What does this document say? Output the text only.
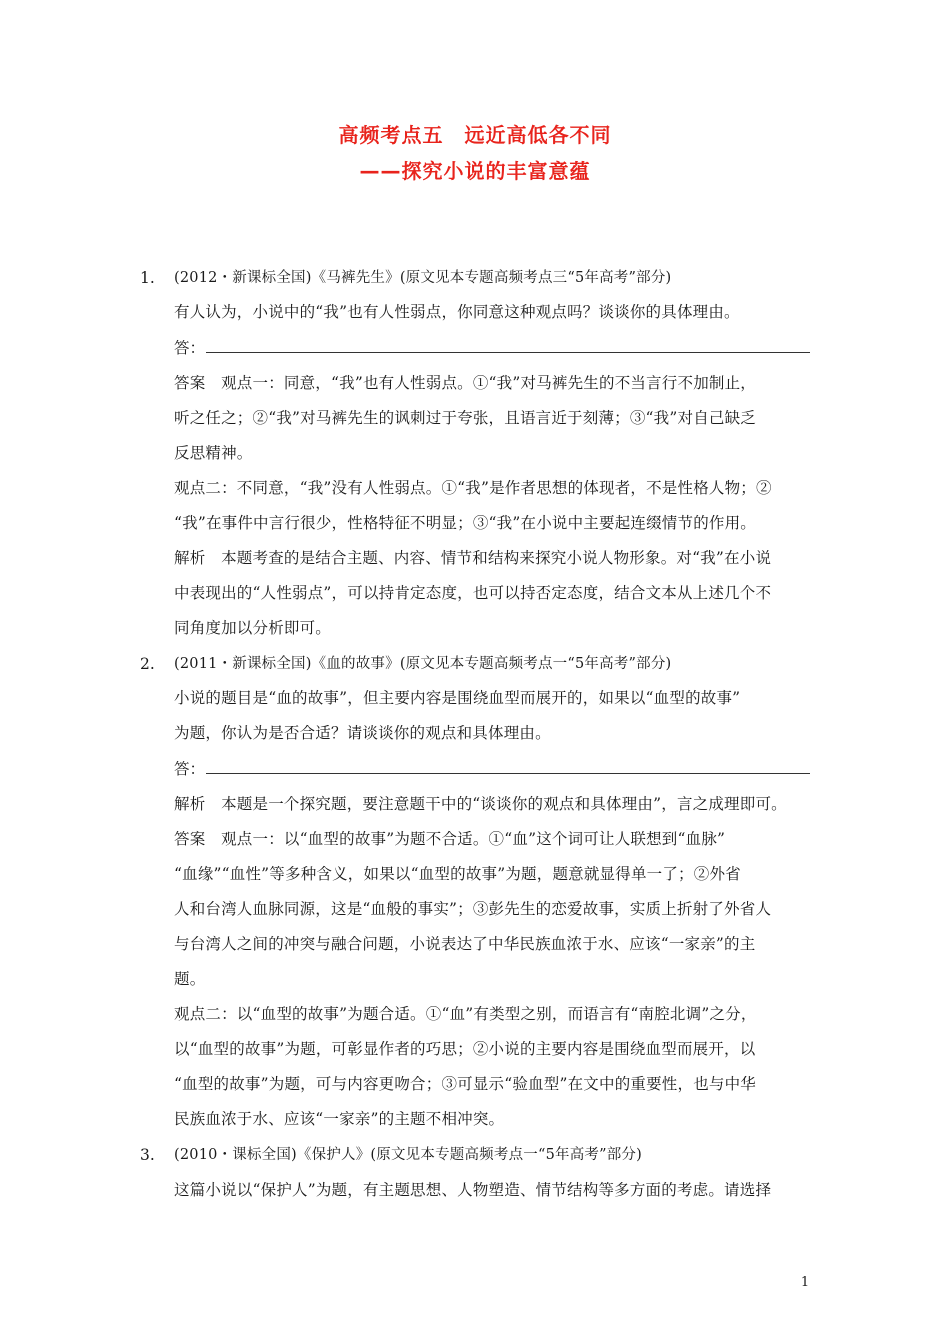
高频考点五　远近高低各不同
——探究小说的丰富意蕴
1. (2012・新课标全国)《马裤先生》(原文见本专题高频考点三“5年高考”部分)
有人认为，小说中的“我”也有人性弱点，你同意这种观点吗？谈谈你的具体理由。
答：
答案　观点一：同意，“我”也有人性弱点。①“我”对马裤先生的不当言行不加制止，
听之任之；②“我”对马裤先生的讽刺过于夸张，且语言近于刻薄；③“我”对自己缺乏
反思精神。
观点二：不同意，“我”没有人性弱点。①“我”是作者思想的体现者，不是性格人物；②
“我”在事件中言行很少，性格特征不明显；③“我”在小说中主要起连缀情节的作用。
解析　本题考查的是结合主题、内容、情节和结构来探究小说人物形象。对“我”在小说
中表现出的“人性弱点”，可以持肯定态度，也可以持否定态度，结合文本从上述几个不
同角度加以分析即可。
2. (2011・新课标全国)《血的故事》(原文见本专题高频考点一“5年高考”部分)
小说的题目是“血的故事”，但主要内容是围绕血型而展开的，如果以“血型的故事”
为题，你认为是否合适？请谈谈你的观点和具体理由。
答：
解析　本题是一个探究题，要注意题干中的“谈谈你的观点和具体理由”，言之成理即可。
答案　观点一：以“血型的故事”为题不合适。①“血”这个词可让人联想到“血脉”
“血缘”“血性”等多种含义，如果以“血型的故事”为题，题意就显得单一了；②外省
人和台湾人血脉同源，这是“血般的事实”；③彭先生的恋爱故事，实质上折射了外省人
与台湾人之间的冲突与融合问题，小说表达了中华民族血浓于水、应该“一家亲”的主
题。
观点二：以“血型的故事”为题合适。①“血”有类型之别，而语言有“南腔北调”之分，
以“血型的故事”为题，可彰显作者的巧思；②小说的主要内容是围绕血型而展开，以
“血型的故事”为题，可与内容更吻合；③可显示“验血型”在文中的重要性，也与中华
民族血浓于水、应该“一家亲”的主题不相冲突。
3. (2010・课标全国)《保护人》(原文见本专题高频考点一“5年高考”部分)
这篇小说以“保护人”为题，有主题思想、人物塑造、情节结构等多方面的考虑。请选择
1
